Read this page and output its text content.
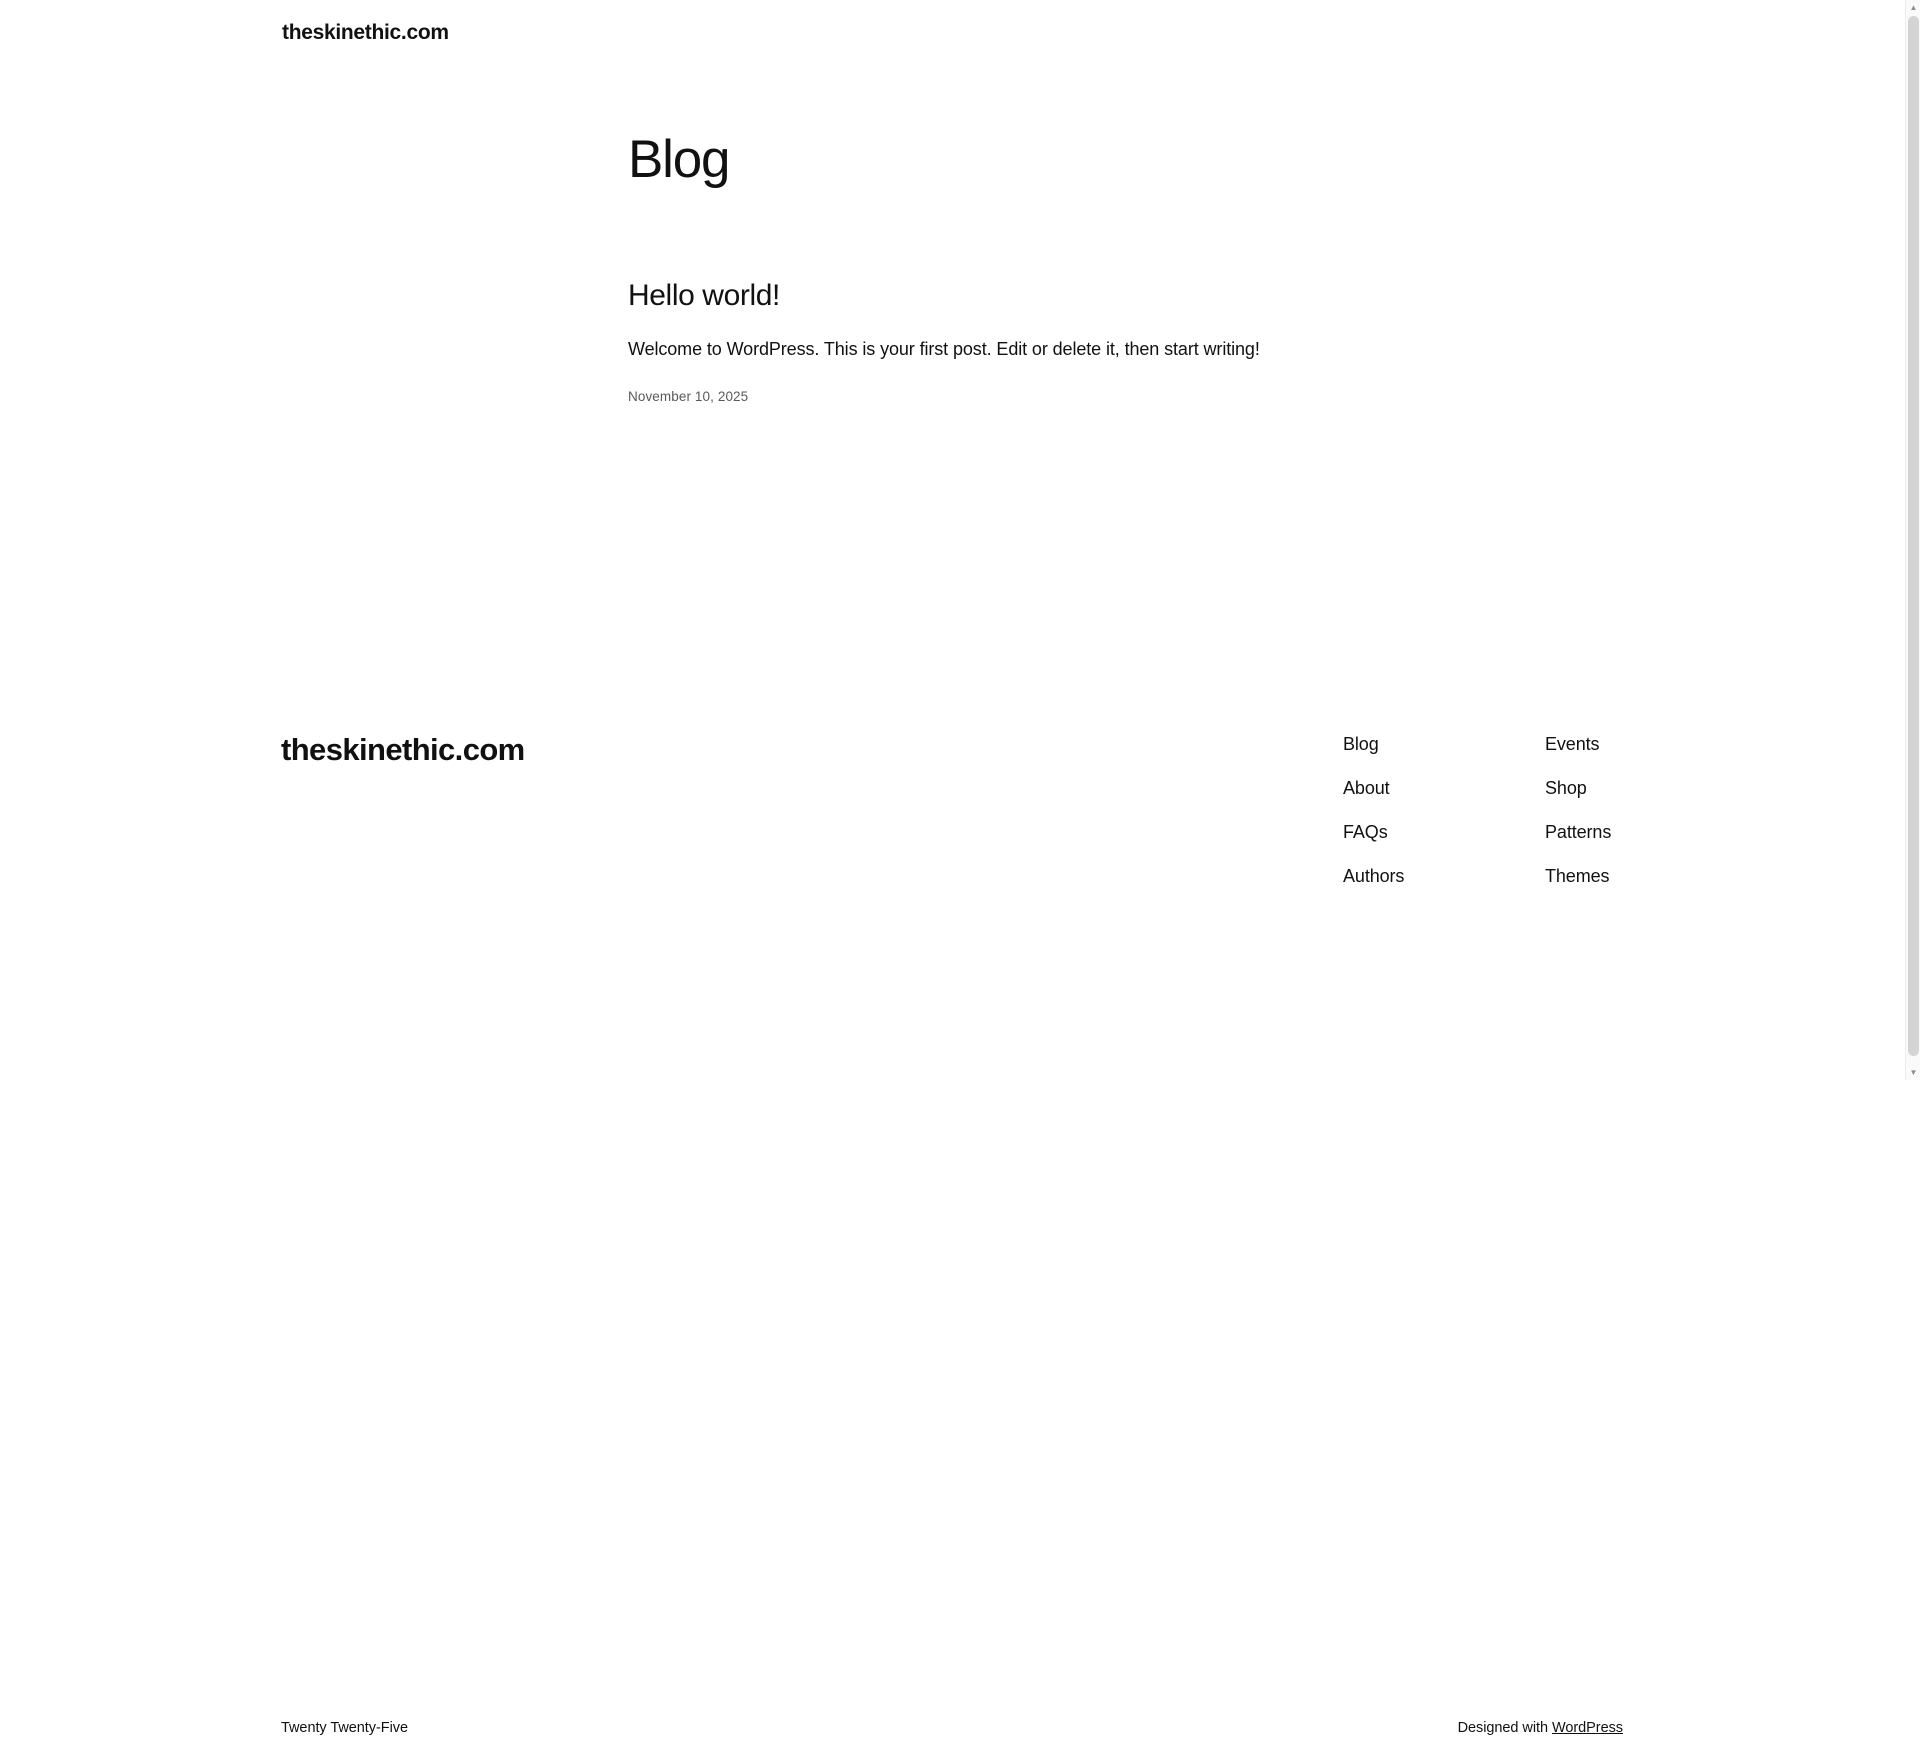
theskinethic.com
Blog
Hello world!

Welcome to WordPress. This is your first post. Edit or delete it, then start writing!

November 10, 2025
theskinethic.com	Blog
About
FAQs
Authors
Events
Shop
Patterns
Themes
Twenty Twenty-Five	Designed with WordPress
▲
▼
